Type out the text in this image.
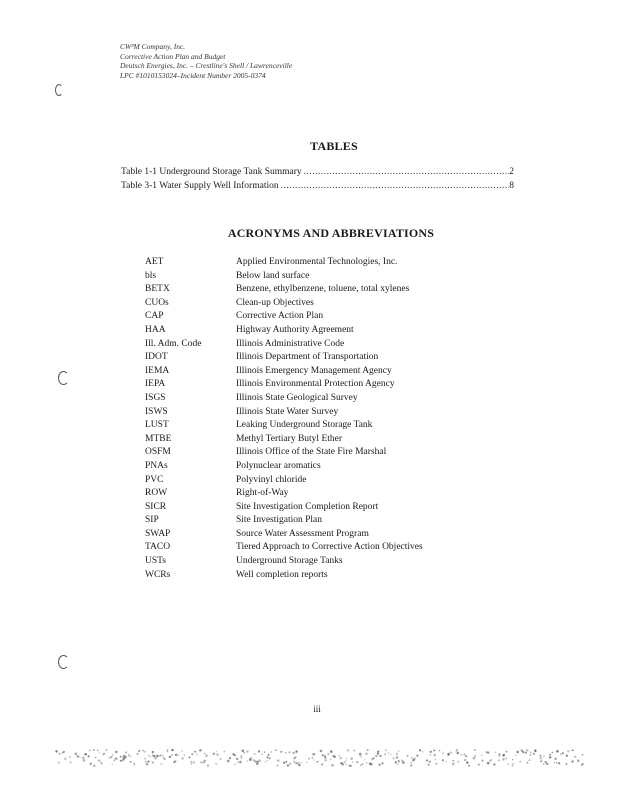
CW³M Company, Inc.
Corrective Action Plan and Budget
Deutsch Energies, Inc. – Crestline's Shell / Lawrenceville
LPC #1010153024–Incident Number 2005-0374
TABLES
Table 1-1 Underground Storage Tank Summary .....	2
Table 3-1 Water Supply Well Information .....	8
ACRONYMS AND ABBREVIATIONS
AET	Applied Environmental Technologies, Inc.
bls	Below land surface
BETX	Benzene, ethylbenzene, toluene, total xylenes
CUOs	Clean-up Objectives
CAP	Corrective Action Plan
HAA	Highway Authority Agreement
Ill. Adm. Code	Illinois Administrative Code
IDOT	Illinois Department of Transportation
IEMA	Illinois Emergency Management Agency
IEPA	Illinois Environmental Protection Agency
ISGS	Illinois State Geological Survey
ISWS	Illinois State Water Survey
LUST	Leaking Underground Storage Tank
MTBE	Methyl Tertiary Butyl Ether
OSFM	Illinois Office of the State Fire Marshal
PNAs	Polynuclear aromatics
PVC	Polyvinyl chloride
ROW	Right-of-Way
SICR	Site Investigation Completion Report
SIP	Site Investigation Plan
SWAP	Source Water Assessment Program
TACO	Tiered Approach to Corrective Action Objectives
USTs	Underground Storage Tanks
WCRs	Well completion reports
iii
